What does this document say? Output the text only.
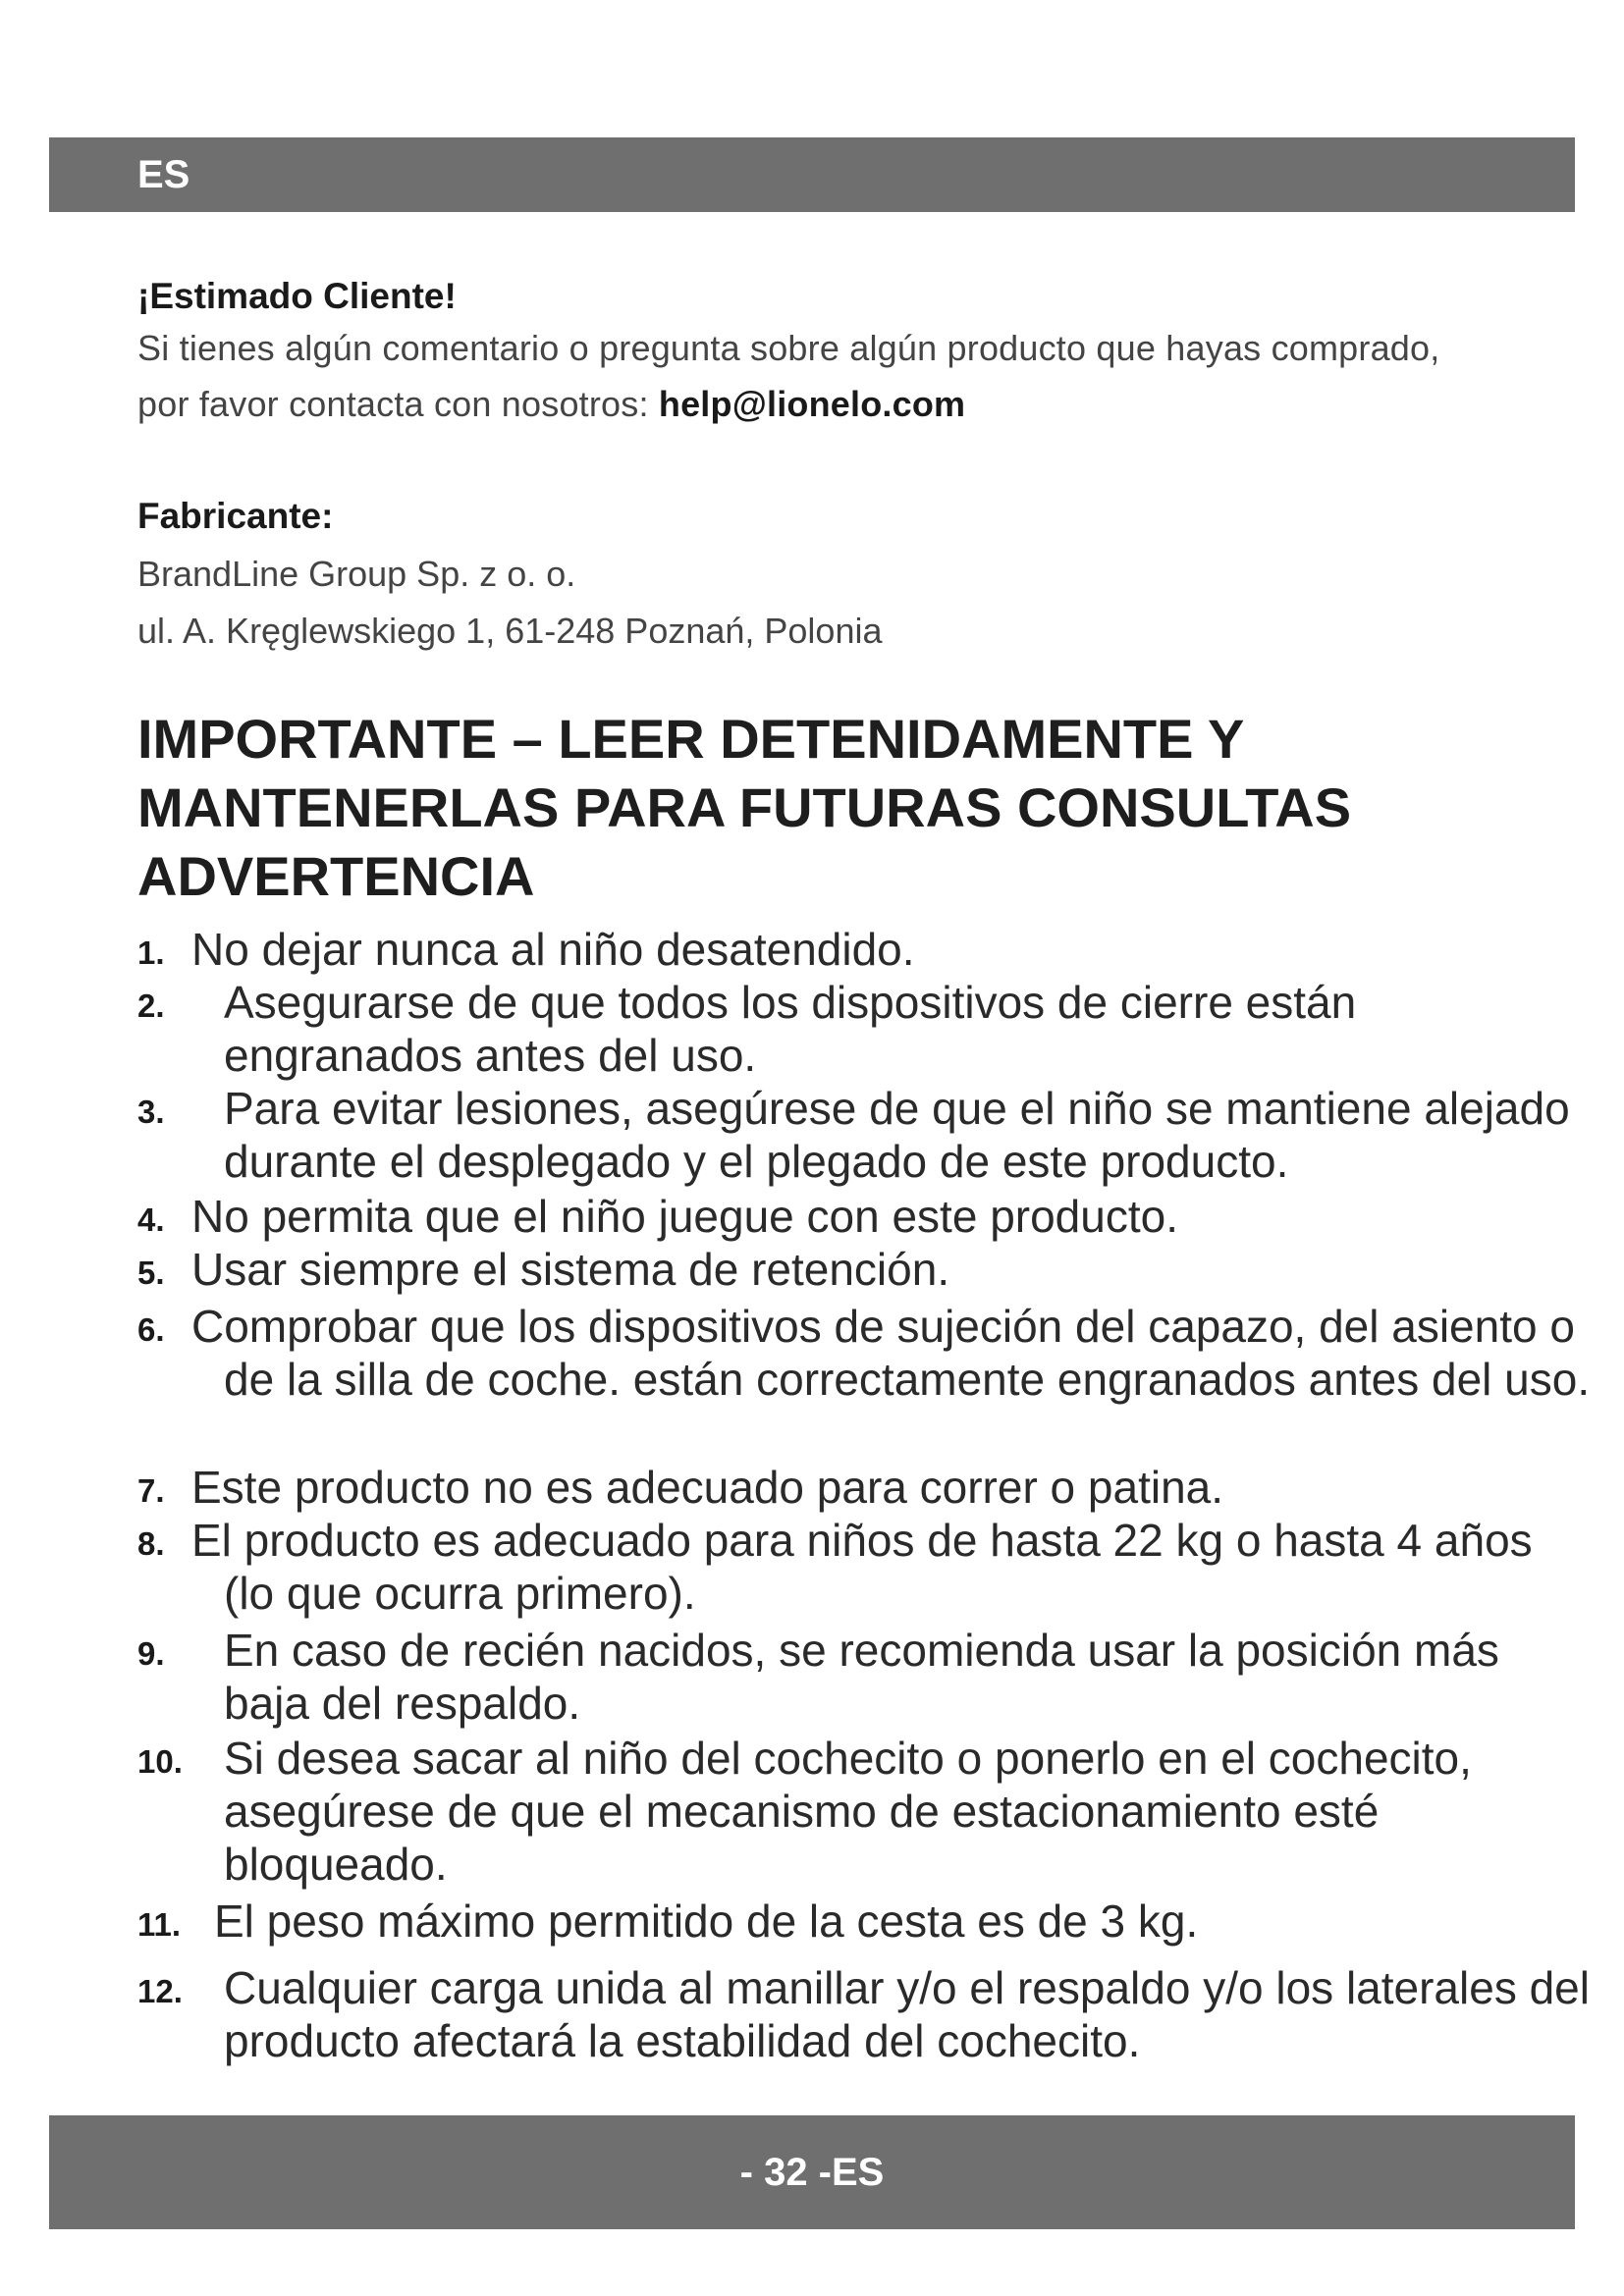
ES

¡Estimado Cliente!

Si tienes algún comentario o pregunta sobre algún producto que hayas comprado,

por favor contacta con nosotros: help@lionelo.com

Fabricante:

BrandLine Group Sp. z o. o.

ul. A. Kręglewskiego 1, 61-248 Poznań, Polonia

IMPORTANTE – LEER DETENIDAMENTE Y
MANTENERLAS PARA FUTURAS CONSULTAS
ADVERTENCIA
1. No dejar nunca al niño desatendido.
2.	Asegurarse de que todos los dispositivos de cierre están engranados antes del uso.
3.	Para evitar lesiones, asegúrese de que el niño se mantiene alejado durante el desplegado y el plegado de este producto.
4. No permita que el niño juegue con este producto.
5. Usar siempre el sistema de retención.
6. Comprobar que los dispositivos de sujeción del capazo, del asiento o de la silla de coche. están correctamente engranados antes del uso.
7. Este producto no es adecuado para correr o patina.
8. El producto es adecuado para niños de hasta 22 kg o hasta 4 años (lo que ocurra primero).
9.	En caso de recién nacidos, se recomienda usar la posición más baja del respaldo.
10. Si desea sacar al niño del cochecito o ponerlo en el cochecito, asegúrese de que el mecanismo de estacionamiento esté bloqueado.
11. El peso máximo permitido de la cesta es de 3 kg.
12. Cualquier carga unida al manillar y/o el respaldo y/o los laterales del producto afectará la estabilidad del cochecito.
- 32 -ES
